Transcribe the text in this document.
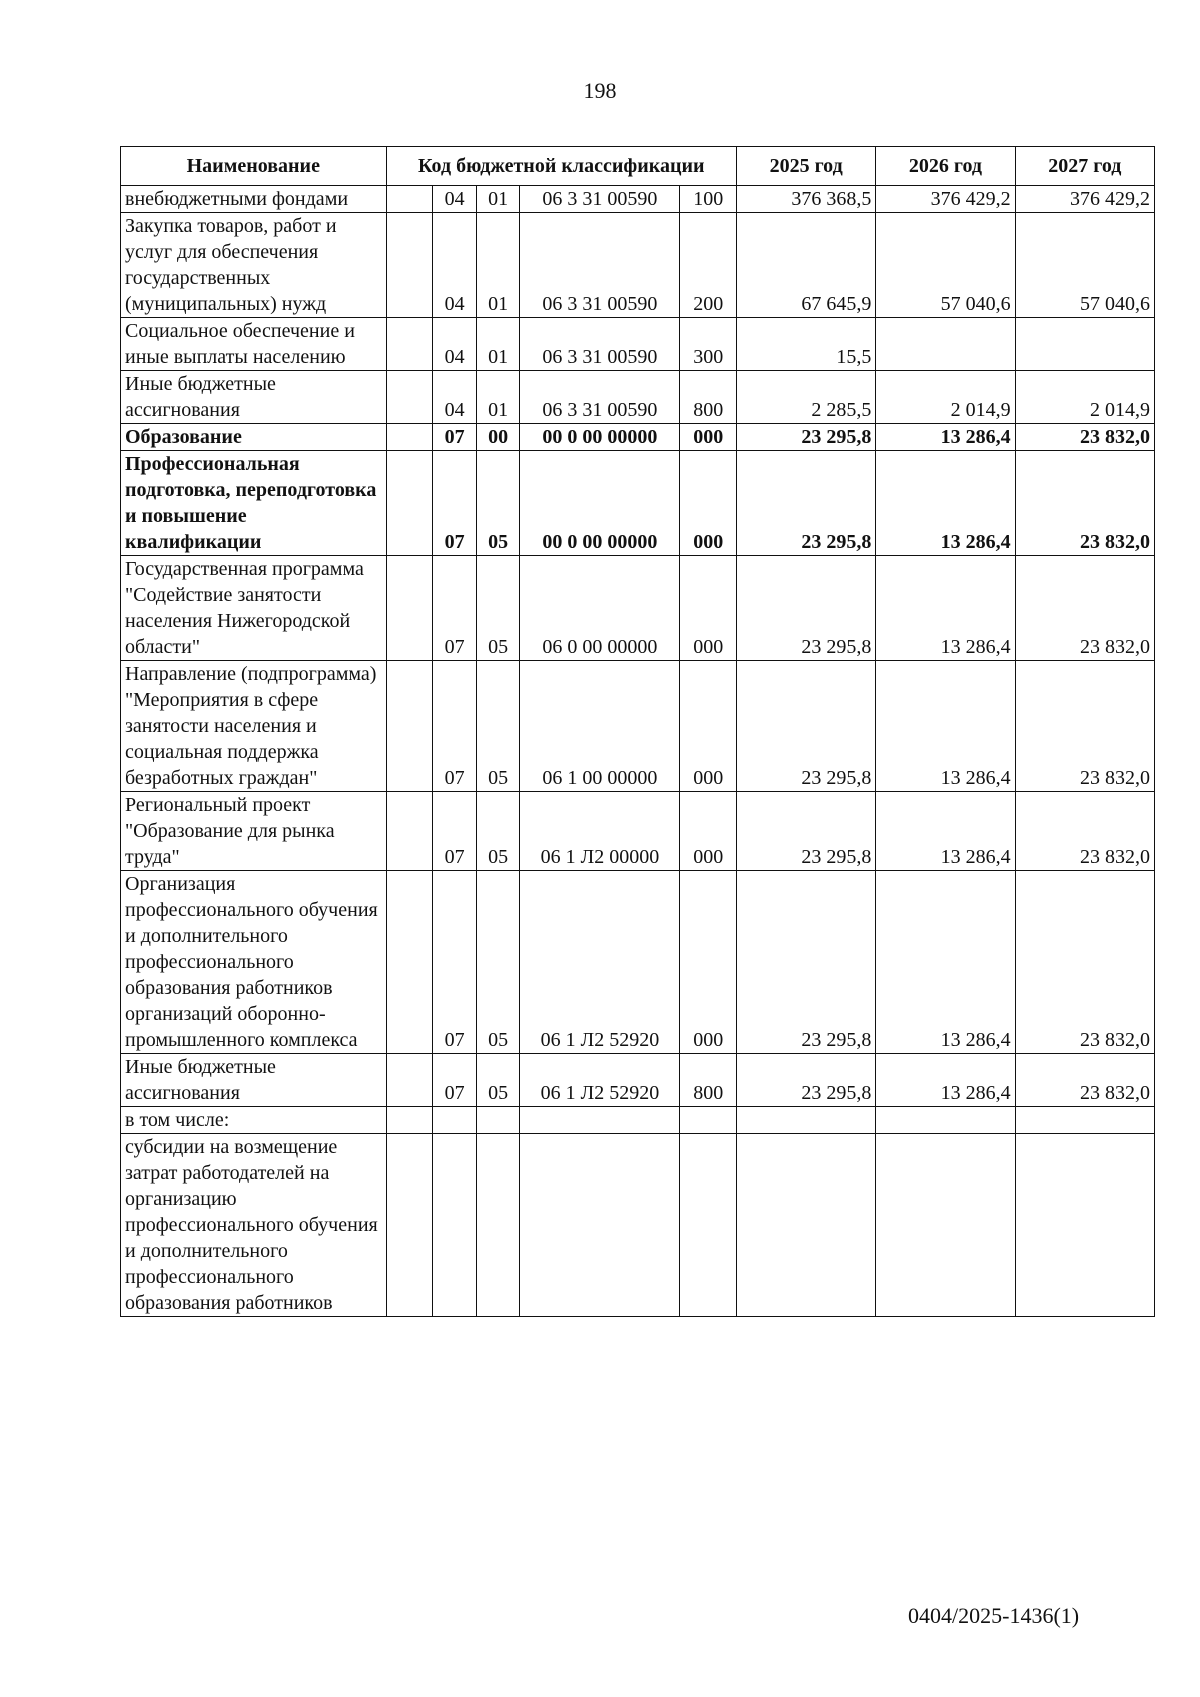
198
Наименование	Код бюджетной классификации					2025 год	2026 год	2027 год
внебюджетными фондами		04	01	06 3 31 00590	100	376 368,5	376 429,2	376 429,2
Закупка товаров, работ и услуг для обеспечения государственных (муниципальных) нужд		04	01	06 3 31 00590	200	67 645,9	57 040,6	57 040,6
Социальное обеспечение и иные выплаты населению		04	01	06 3 31 00590	300	15,5		
Иные бюджетные ассигнования		04	01	06 3 31 00590	800	2 285,5	2 014,9	2 014,9
Образование		07	00	00 0 00 00000	000	23 295,8	13 286,4	23 832,0
Профессиональная подготовка, переподготовка и повышение квалификации		07	05	00 0 00 00000	000	23 295,8	13 286,4	23 832,0
Государственная программа "Содействие занятости населения Нижегородской области"		07	05	06 0 00 00000	000	23 295,8	13 286,4	23 832,0
Направление (подпрограмма) "Мероприятия в сфере занятости населения и социальная поддержка безработных граждан"		07	05	06 1 00 00000	000	23 295,8	13 286,4	23 832,0
Региональный проект "Образование для рынка труда"		07	05	06 1 Л2 00000	000	23 295,8	13 286,4	23 832,0
Организация профессионального обучения и дополнительного профессионального образования работников организаций оборонно-промышленного комплекса		07	05	06 1 Л2 52920	000	23 295,8	13 286,4	23 832,0
Иные бюджетные ассигнования		07	05	06 1 Л2 52920	800	23 295,8	13 286,4	23 832,0
в том числе:								
субсидии на возмещение затрат работодателей на организацию профессионального обучения и дополнительного профессионального образования работников								
0404/2025-1436(1)
